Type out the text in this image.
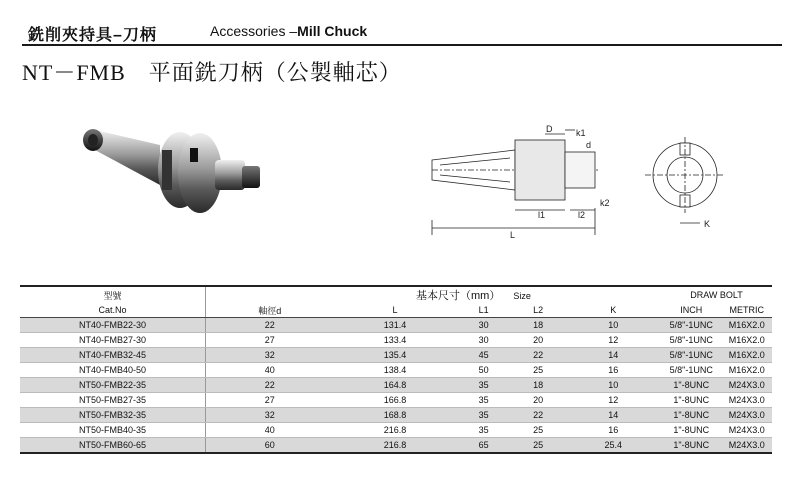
銑削夾持具–刀柄	Accessories –Mill Chuck
NT－FMB　平面銑刀柄（公製軸芯）
D	k1
d
l1	l2
k2
L
K
型號	基本尺寸（mm） Size					DRAW BOLT	
Cat.No	軸徑d	L	L1	L2	K	INCH	METRIC
NT40-FMB22-30	22	131.4	30	18	10	5/8"-1UNC	M16X2.0
NT40-FMB27-30	27	133.4	30	20	12	5/8"-1UNC	M16X2.0
NT40-FMB32-45	32	135.4	45	22	14	5/8"-1UNC	M16X2.0
NT40-FMB40-50	40	138.4	50	25	16	5/8"-1UNC	M16X2.0
NT50-FMB22-35	22	164.8	35	18	10	1"-8UNC	M24X3.0
NT50-FMB27-35	27	166.8	35	20	12	1"-8UNC	M24X3.0
NT50-FMB32-35	32	168.8	35	22	14	1"-8UNC	M24X3.0
NT50-FMB40-35	40	216.8	35	25	16	1"-8UNC	M24X3.0
NT50-FMB60-65	60	216.8	65	25	25.4	1"-8UNC	M24X3.0
